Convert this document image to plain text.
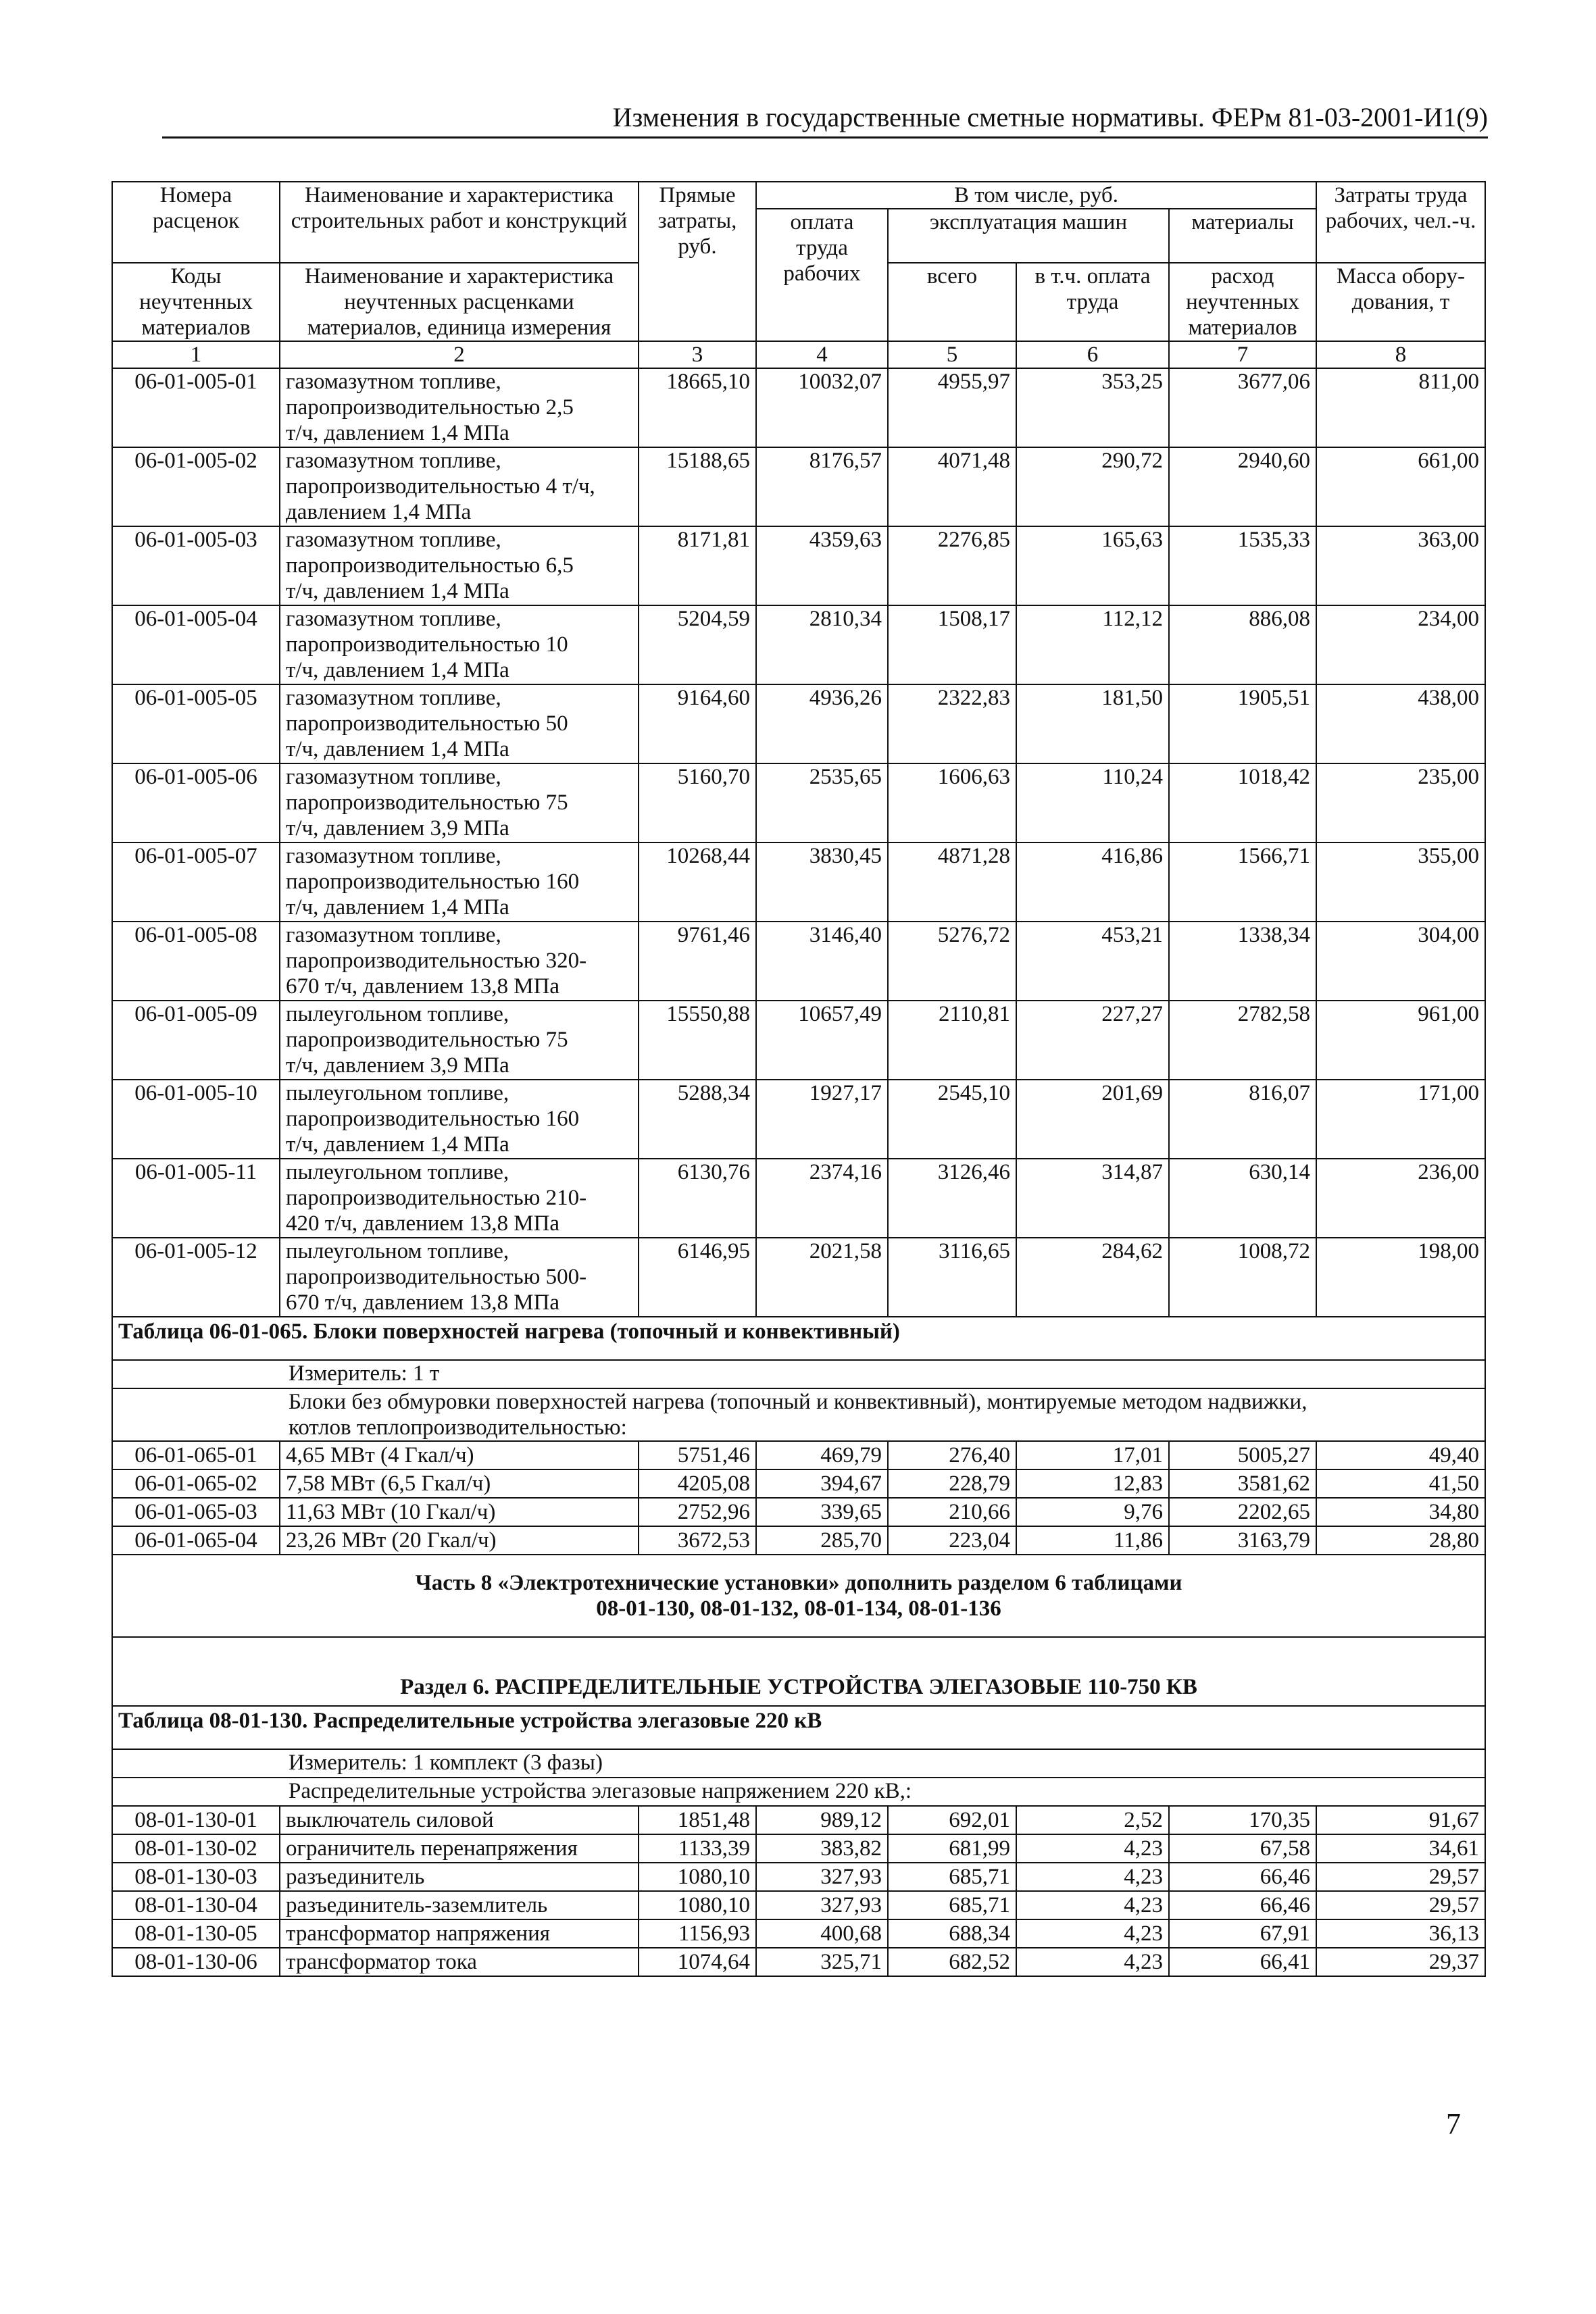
Изменения в государственные сметные нормативы. ФЕРм 81-03-2001-И1(9)
Номера расценок	Наименование и характеристика строительных работ и конструкций	Прямые затраты, руб.	В том числе, руб.				Затраты труда рабочих, чел.-ч.
			оплата труда рабочих	эксплуатация машин		материалы	
Коды неучтенных материалов	Наименование и характеристика неучтенных расценками материалов, единица измерения			всего	в т.ч. оплата труда	расход неучтенных материалов	Масса обору-дования, т
1	2	3	4	5	6	7	8
06-01-005-01	газомазутном топливе,
паропроизводительностью 2,5
т/ч, давлением 1,4 МПа	18665,10	10032,07	4955,97	353,25	3677,06	811,00
06-01-005-02	газомазутном топливе,
паропроизводительностью 4 т/ч,
давлением 1,4 МПа	15188,65	8176,57	4071,48	290,72	2940,60	661,00
06-01-005-03	газомазутном топливе,
паропроизводительностью 6,5
т/ч, давлением 1,4 МПа	8171,81	4359,63	2276,85	165,63	1535,33	363,00
06-01-005-04	газомазутном топливе,
паропроизводительностью 10
т/ч, давлением 1,4 МПа	5204,59	2810,34	1508,17	112,12	886,08	234,00
06-01-005-05	газомазутном топливе,
паропроизводительностью 50
т/ч, давлением 1,4 МПа	9164,60	4936,26	2322,83	181,50	1905,51	438,00
06-01-005-06	газомазутном топливе,
паропроизводительностью 75
т/ч, давлением 3,9 МПа	5160,70	2535,65	1606,63	110,24	1018,42	235,00
06-01-005-07	газомазутном топливе,
паропроизводительностью 160
т/ч, давлением 1,4 МПа	10268,44	3830,45	4871,28	416,86	1566,71	355,00
06-01-005-08	газомазутном топливе,
паропроизводительностью 320-
670 т/ч, давлением 13,8 МПа	9761,46	3146,40	5276,72	453,21	1338,34	304,00
06-01-005-09	пылеугольном топливе,
паропроизводительностью 75
т/ч, давлением 3,9 МПа	15550,88	10657,49	2110,81	227,27	2782,58	961,00
06-01-005-10	пылеугольном топливе,
паропроизводительностью 160
т/ч, давлением 1,4 МПа	5288,34	1927,17	2545,10	201,69	816,07	171,00
06-01-005-11	пылеугольном топливе,
паропроизводительностью 210-
420 т/ч, давлением 13,8 МПа	6130,76	2374,16	3126,46	314,87	630,14	236,00
06-01-005-12	пылеугольном топливе,
паропроизводительностью 500-
670 т/ч, давлением 13,8 МПа	6146,95	2021,58	3116,65	284,62	1008,72	198,00
Таблица 06-01-065. Блоки поверхностей нагрева (топочный и конвективный)							
Измеритель: 1 т							

Блоки без обмуровки поверхностей нагрева (топочный и конвективный), монтируемые методом надвижки,
котлов теплопроизводительностью:							

06-01-065-01	4,65 МВт (4 Гкал/ч)	5751,46	469,79	276,40	17,01	5005,27	49,40
06-01-065-02	7,58 МВт (6,5 Гкал/ч)	4205,08	394,67	228,79	12,83	3581,62	41,50
06-01-065-03	11,63 МВт (10 Гкал/ч)	2752,96	339,65	210,66	9,76	2202,65	34,80
06-01-065-04	23,26 МВт (20 Гкал/ч)	3672,53	285,70	223,04	11,86	3163,79	28,80

Часть 8 «Электротехнические установки» дополнить разделом 6 таблицами
08-01-130, 08-01-132, 08-01-134, 08-01-136							

Раздел 6. РАСПРЕДЕЛИТЕЛЬНЫЕ УСТРОЙСТВА ЭЛЕГАЗОВЫЕ 110-750 КВ							
Таблица 08-01-130. Распределительные устройства элегазовые 220 кВ							
Измеритель: 1 комплект (3 фазы)							
Распределительные устройства элегазовые напряжением 220 кВ,:							
08-01-130-01	выключатель силовой	1851,48	989,12	692,01	2,52	170,35	91,67
08-01-130-02	ограничитель перенапряжения	1133,39	383,82	681,99	4,23	67,58	34,61
08-01-130-03	разъединитель	1080,10	327,93	685,71	4,23	66,46	29,57
08-01-130-04	разъединитель-заземлитель	1080,10	327,93	685,71	4,23	66,46	29,57
08-01-130-05	трансформатор напряжения	1156,93	400,68	688,34	4,23	67,91	36,13
08-01-130-06	трансформатор тока	1074,64	325,71	682,52	4,23	66,41	29,37
7
